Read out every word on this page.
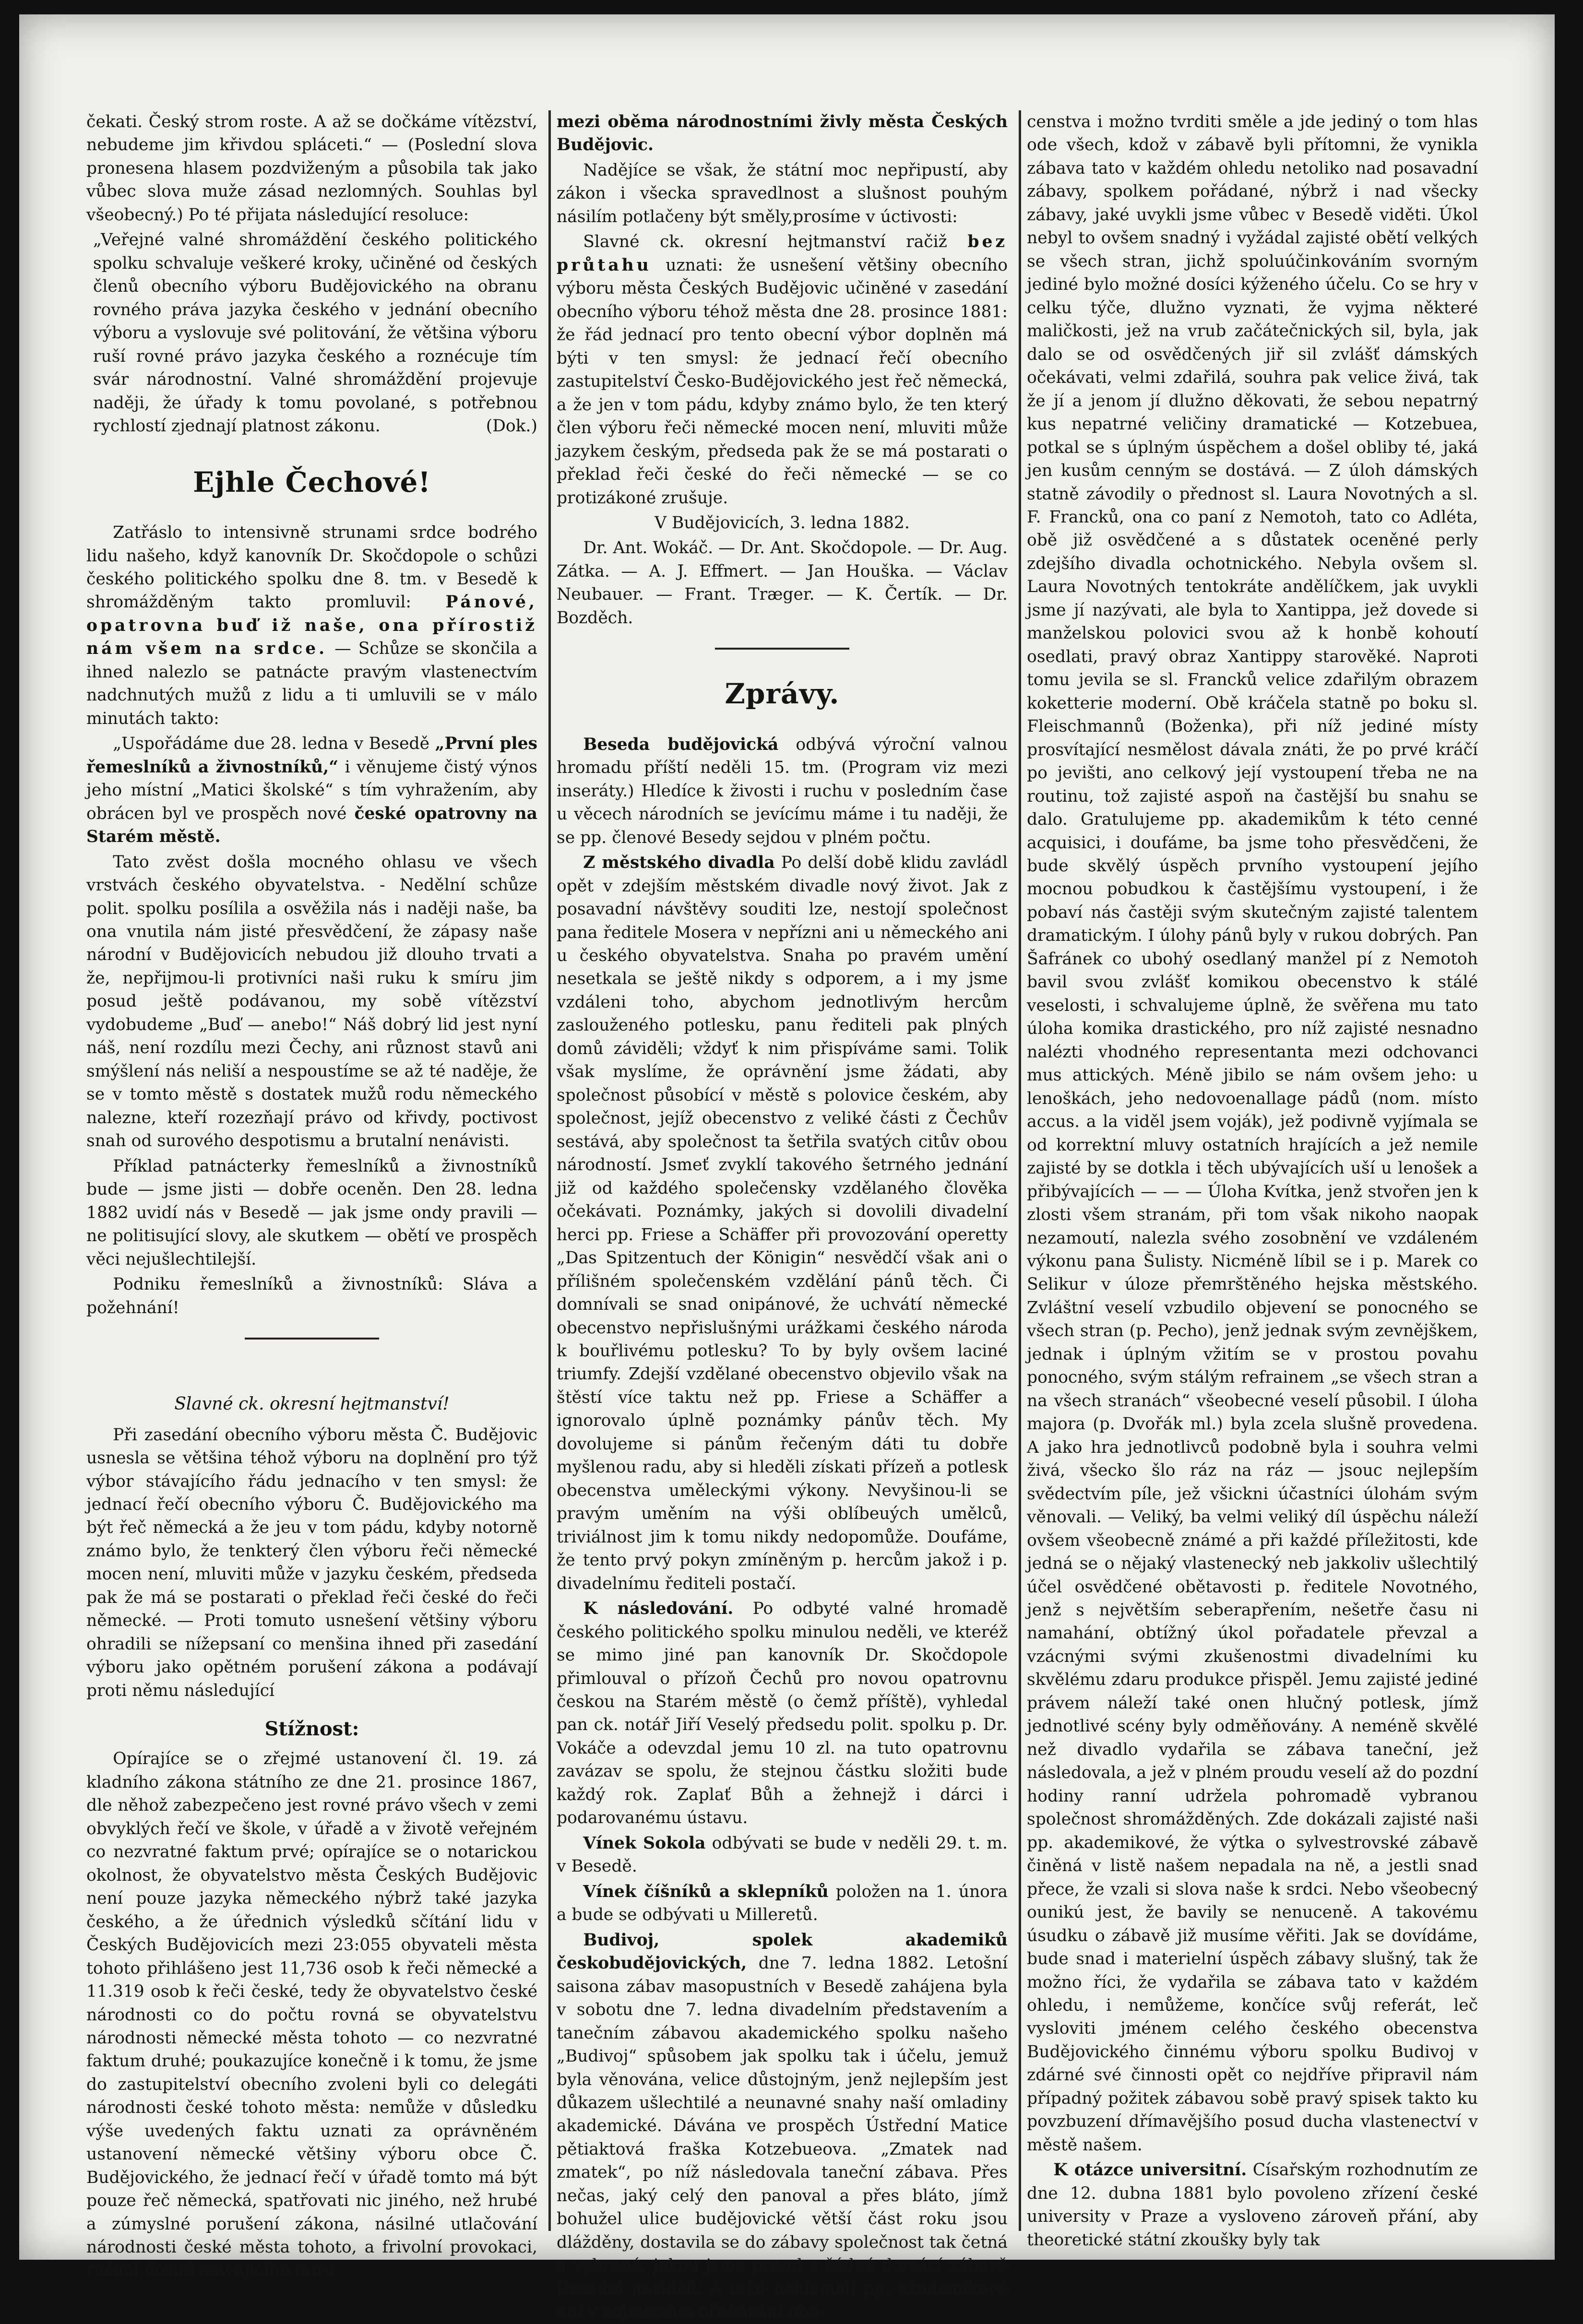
čekati. Český strom roste. A až se dočkáme vítězství, nebudeme jim křivdou spláceti.“ — (Poslední slova pronesena hlasem pozdviženým a působila tak jako vůbec slova muže zásad nezlomných. Souhlas byl všeobecný.) Po té přijata následující resoluce:

„Veřejné valné shromáždění českého politického spolku schvaluje veškeré kroky, učiněné od českých členů obecního výboru Budějovického na obranu rovného práva jazyka českého v jednání obecního výboru a vyslovuje své politování, že většina výboru ruší rovné právo jazyka českého a roznécuje tím svár národnostní. Valné shromáždění projevuje naději, že úřady k tomu povolané, s potřebnou rychlostí zjednají platnost zákonu.	(Dok.)

Ejhle Čechové!

Zatřáslo to intensivně strunami srdce bodrého lidu našeho, když kanovník Dr. Skočdopole o schůzi českého politického spolku dne 8. tm. v Besedě k shromážděným takto promluvil: Pánové, opatrovna buď iž naše, ona přírostiž nám všem na srdce. — Schůze se skončila a ihned nalezlo se patnácte pravým vlastenectvím nadchnutých mužů z lidu a ti umluvili se v málo minutách takto:

„Uspořádáme due 28. ledna v Besedě „První ples řemeslníků a živnostníků,“ i věnujeme čistý výnos jeho místní „Matici školské“ s tím vyhražením, aby obrácen byl ve prospěch nové české opatrovny na Starém městě.

Tato zvěst došla mocného ohlasu ve všech vrstvách českého obyvatelstva. - Nedělní schůze polit. spolku posílila a osvěžila nás i naději naše, ba ona vnutila nám jisté přesvědčení, že zápasy naše národní v Budějovicích nebudou již dlouho trvati a že, nepřijmou-li protivníci naši ruku k smíru jim posud ještě podávanou, my sobě vítězství vydobudeme „Buď — anebo!“ Náš dobrý lid jest nyní náš, není rozdílu mezi Čechy, ani různost stavů ani smýšlení nás neliší a nespoustíme se až té naděje, že se v tomto městě s dostatek mužů rodu německého nalezne, kteří rozezňají právo od křivdy, poctivost snah od surového despotismu a brutalní nenávisti.

Příklad patnácterky řemeslníků a živnostníků bude — jsme jisti — dobře oceněn. Den 28. ledna 1882 uvidí nás v Besedě — jak jsme ondy pravili — ne politisující slovy, ale skutkem — obětí ve prospěch věci nejušlechtilejší.

Podniku řemeslníků a živnostníků: Sláva a požehnání!

Slavné ck. okresní hejtmanství!

Při zasedání obecního výboru města Č. Budějovic usnesla se většina téhož výboru na doplnění pro týž výbor stávajícího řádu jednacího v ten smysl: že jednací řečí obecního výboru Č. Budějovického ma být řeč německá a že jeu v tom pádu, kdyby notorně známo bylo, že tenkterý člen výboru řeči německé mocen není, mluviti může v jazyku českém, předseda pak že má se postarati o překlad řeči české do řeči německé. — Proti tomuto usnešení většiny výboru ohradili se nížepsaní co menšina ihned při zasedání výboru jako opětném porušení zákona a podávají proti němu následující

Stížnost:

Opírajíce se o zřejmé ustanovení čl. 19. zá kladního zákona státního ze dne 21. prosince 1867, dle něhož zabezpečeno jest rovné právo všech v zemi obvyklých řečí ve škole, v úřadě a v životě veřejném co nezvratné faktum prvé; opírajíce se o notarickou okolnost, že obyvatelstvo města Českých Budějovic není pouze jazyka německého nýbrž také jazyka českého, a že úřednich výsledků sčítání lidu v Českých Budějovicích mezi 23:055 obyvateli města tohoto přihlášeno jest 11,736 osob k řeči německé a 11.319 osob k řeči české, tedy že obyvatelstvo české národnosti co do počtu rovná se obyvatelstvu národnosti německé města tohoto — co nezvratné faktum druhé; poukazujíce konečně i k tomu, že jsme do zastupitelství obecního zvoleni byli co delegáti národnosti české tohoto města: nemůže v důsledku výše uvedených faktu uznati za oprávněném ustanovení německé většiny výboru obce Č. Budějovického, že jednací řečí v úřadě tomto má být pouze řeč německá, spatřovati nic jiného, než hrubé a zúmyslné porušení zákona, násilné utlačování národnosti české města tohoto, a frivolní provokaci, rušení dosud stávajícího míru

mezi oběma národnostními živly města Českých Budějovic.

Nadějíce se však, že státní moc nepřipustí, aby zákon i všecka spravedlnost a slušnost pouhým násilím potlačeny být směly,prosíme v úctivosti:

Slavné ck. okresní hejtmanství račiž bez průtahu uznati: že usnešení většiny obecního výboru města Českých Budějovic učiněné v zasedání obecního výboru téhož města dne 28. prosince 1881: že řád jednací pro tento obecní výbor doplněn má býti v ten smysl: že jednací řečí obecního zastupitelství Česko-Budějovického jest řeč německá, a že jen v tom pádu, kdyby známo bylo, že ten který člen výboru řeči německé mocen není, mluviti může jazykem českým, předseda pak že se má postarati o překlad řeči české do řeči německé — se co protizákoné zrušuje.

V Budějovicích, 3. ledna 1882.

Dr. Ant. Wokáč. — Dr. Ant. Skočdopole. — Dr. Aug. Zátka. — A. J. Effmert. — Jan Houška. — Václav Neubauer. — Frant. Træger. — K. Čertík. — Dr. Bozděch.

Zprávy.

Beseda budějovická odbývá výroční valnou hromadu příští neděli 15. tm. (Program viz mezi inseráty.) Hledíce k živosti i ruchu v posledním čase u věcech národních se jevícímu máme i tu naději, že se pp. členové Besedy sejdou v plném počtu.

Z městského divadla Po delší době klidu zavládl opět v zdejším městském divadle nový život. Jak z posavadní návštěvy souditi lze, nestojí společnost pana ředitele Mosera v nepřízni ani u německého ani u českého obyvatelstva. Snaha po pravém umění nesetkala se ještě nikdy s odporem, a i my jsme vzdáleni toho, abychom jednotlivým hercům zaslouženého potlesku, panu řediteli pak plných domů záviděli; vždyť k nim přispíváme sami. Tolik však myslíme, že oprávnění jsme žádati, aby společnost působící v městě s polovice českém, aby společnost, jejíž obecenstvo z veliké části z Čechův sestává, aby společnost ta šetřila svatých citův obou národností. Jsmeť zvyklí takového šetrného jednání již od každého společensky vzdělaného člověka očekávati. Poznámky, jakých si dovolili divadelní herci pp. Friese a Schäffer při provozování operetty „Das Spitzentuch der Königin“ nesvědčí však ani o přílišném společenském vzdělání pánů těch. Či domnívali se snad onipánové, že uchvátí německé obecenstvo nepřislušnými urážkami českého národa k bouřlivému potlesku? To by byly ovšem laciné triumfy. Zdejší vzdělané obecenstvo objevilo však na štěstí více taktu než pp. Friese a Schäffer a ignorovalo úplně poznámky pánův těch. My dovolujeme si pánům řečeným dáti tu dobře myšlenou radu, aby si hleděli získati přízeň a potlesk obecenstva uměleckými výkony. Nevyšinou-li se pravým uměním na výši oblíbeuých umělců, triviálnost jim k tomu nikdy nedopomůže. Doufáme, že tento prvý pokyn zmíněným p. hercům jakož i p. divadelnímu řediteli postačí.

K následování. Po odbyté valné hromadě českého politického spolku minulou neděli, ve kteréž se mimo jiné pan kanovník Dr. Skočdopole přimlouval o přízoň Čechů pro novou opatrovnu českou na Starém městě (o čemž příště), vyhledal pan ck. notář Jiří Veselý předsedu polit. spolku p. Dr. Vokáče a odevzdal jemu 10 zl. na tuto opatrovnu zavázav se spolu, že stejnou částku složiti bude každý rok. Zaplať Bůh a žehnejž i dárci i podarovanému ústavu.

Vínek Sokola odbývati se bude v neděli 29. t. m. v Besedě.

Vínek číšníků a sklepníků položen na 1. února a bude se odbývati u Milleretů.

Budivoj, spolek akademiků českobudějovických, dne 7. ledna 1882. Letošní saisona zábav masopustních v Besedě zahájena byla v sobotu dne 7. ledna divadelním představením a tanečním zábavou akademického spolku našeho „Budivoj“ spůsobem jak spolku tak i účelu, jemuž byla věnována, velice důstojným, jenž nejlepším jest důkazem ušlechtilé a neunavné snahy naší omladiny akademické. Dávána ve prospěch Ústřední Matice pětiaktová fraška Kotzebueova. „Zmatek nad zmatek“, po níž následovala taneční zábava. Přes nečas, jaký celý den panoval a přes bláto, jímž bohužel ulice budějovické větší část roku jsou dlážděny, dostavila se do zábavy společnost tak četná a vybraná, jakou jsme posud z žádné domácí zábavě Besední neviděli. A také neklamali pp. akademikové ani v nejmenším očekávání obe-

censtva i možno tvrditi směle a jde jediný o tom hlas ode všech, kdož v zábavě byli přítomni, že vynikla zábava tato v každém ohledu netoliko nad posavadní zábavy, spolkem pořádané, nýbrž i nad všecky zábavy, jaké uvykli jsme vůbec v Besedě viděti. Úkol nebyl to ovšem snadný i vyžádal zajisté obětí velkých se všech stran, jichž spoluúčinkováním svorným jediné bylo možné dosíci kýženého účelu. Co se hry v celku týče, dlužno vyznati, že vyjma některé maličkosti, jež na vrub začátečnických sil, byla, jak dalo se od osvědčených jiř sil zvlášť dámských očekávati, velmi zdařilá, souhra pak velice živá, tak že jí a jenom jí dlužno děkovati, že sebou nepatrný kus nepatrné veličiny dramatické — Kotzebuea, potkal se s úplným úspěchem a došel obliby té, jaká jen kusům cenným se dostává. — Z úloh dámských statně závodily o přednost sl. Laura Novotných a sl. F. Francků, ona co paní z Nemotoh, tato co Adléta, obě již osvědčené a s důstatek oceněné perly zdejšího divadla ochotnického. Nebyla ovšem sl. Laura Novotných tentokráte andělíčkem, jak uvykli jsme jí nazývati, ale byla to Xantippa, jež dovede si manželskou polovici svou až k honbě kohoutí osedlati, pravý obraz Xantippy starověké. Naproti tomu jevila se sl. Francků velice zdařilým obrazem koketterie moderní. Obě kráčela statně po boku sl. Fleischmannů (Boženka), při níž jediné místy prosvítající nesmělost dávala znáti, že po prvé kráčí po jevišti, ano celkový její vystoupení třeba ne na routinu, tož zajisté aspoň na častější bu snahu se dalo. Gratulujeme pp. akademikům k této cenné acquisici, i doufáme, ba jsme toho přesvědčeni, že bude skvělý úspěch prvního vystoupení jejího mocnou pobudkou k častějšímu vystoupení, i že pobaví nás častěji svým skutečným zajisté talentem dramatickým. I úlohy pánů byly v rukou dobrých. Pan Šafránek co ubohý osedlaný manžel pí z Nemotoh bavil svou zvlášť komikou obecenstvo k stálé veselosti, i schvalujeme úplně, že svěřena mu tato úloha komika drastického, pro níž zajisté nesnadno nalézti vhodného representanta mezi odchovanci mus attických. Méně jibilo se nám ovšem jeho: u lenoškách, jeho nedovoenallage pádů (nom. místo accus. a la viděl jsem voják), jež podivně vyjímala se od korrektní mluvy ostatních hrajících a jež nemile zajisté by se dotkla i těch ubývajících uší u lenošek a přibývajících — — — Úloha Kvítka, jenž stvořen jen k zlosti všem stranám, při tom však nikoho naopak nezamoutí, nalezla svého zosobnění ve vzdáleném výkonu pana Šulisty. Nicméně líbil se i p. Marek co Selikur v úloze přemrštěného hejska městského. Zvláštní veselí vzbudilo objevení se ponocného se všech stran (p. Pecho), jenž jednak svým zevnějškem, jednak i úplným vžitím se v prostou povahu ponocného, svým stálým refrainem „se všech stran a na všech stranách“ všeobecné veselí působil. I úloha majora (p. Dvořák ml.) byla zcela slušně provedena. A jako hra jednotlivců podobně byla i souhra velmi živá, všecko šlo ráz na ráz — jsouc nejlepším svědectvím píle, jež všickni účastníci úlohám svým věnovali. — Veliký, ba velmi veliký díl úspěchu náleží ovšem všeobecně známé a při každé příležitosti, kde jedná se o nějaký vlastenecký neb jakkoliv ušlechtilý účel osvědčené obětavosti p. ředitele Novotného, jenž s největším seberapřením, nešetře času ni namahání, obtížný úkol pořadatele převzal a vzácnými svými zkušenostmi divadelními ku skvělému zdaru produkce přispěl. Jemu zajisté jediné právem náleží také onen hlučný potlesk, jímž jednotlivé scény byly odměňovány. A neméně skvělé než divadlo vydařila se zábava taneční, jež následovala, a jež v plném proudu veselí až do pozdní hodiny ranní udržela pohromadě vybranou společnost shromážděných. Zde dokázali zajisté naši pp. akademikové, že výtka o sylvestrovské zábavě činěná v listě našem nepadala na ně, a jestli snad přece, že vzali si slova naše k srdci. Nebo všeobecný ounikú jest, že bavily se nenuceně. A takovému úsudku o zábavě již musíme věřiti. Jak se dovídáme, bude snad i materielní úspěch zábavy slušný, tak že možno říci, že vydařila se zábava tato v každém ohledu, i nemůžeme, končíce svůj referát, leč vysloviti jménem celého českého obecenstva Budějovického činnému výboru spolku Budivoj v zdárné své činnosti opět co nejdříve připravil nám případný požitek zábavou sobě pravý spisek takto ku povzbuzení dřímavějšího posud ducha vlastenectví v městě našem.

K otázce universitní. Císařským rozhodnutím ze dne 12. dubna 1881 bylo povoleno zřízení české university v Praze a vysloveno zároveň přání, aby theoretické státní zkoušky byly tak
